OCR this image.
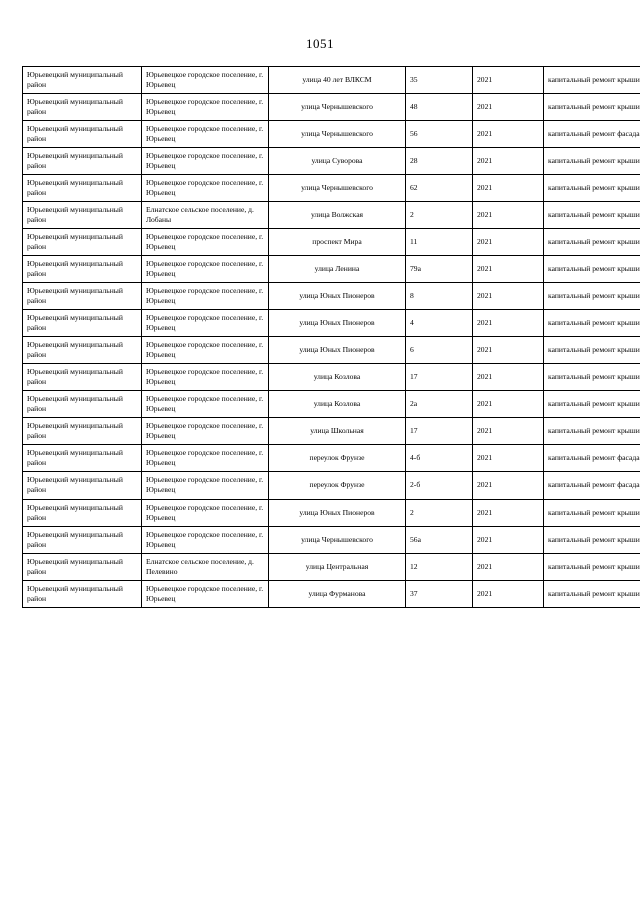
1051
Юрьевецкий муниципальный район	Юрьевецкое городское поселение, г. Юрьевец	улица 40 лет ВЛКСМ	35	2021	капитальный ремонт крыши
Юрьевецкий муниципальный район	Юрьевецкое городское поселение, г. Юрьевец	улица Чернышевского	48	2021	капитальный ремонт крыши
Юрьевецкий муниципальный район	Юрьевецкое городское поселение, г. Юрьевец	улица Чернышевского	56	2021	капитальный ремонт фасада
Юрьевецкий муниципальный район	Юрьевецкое городское поселение, г. Юрьевец	улица Суворова	28	2021	капитальный ремонт крыши
Юрьевецкий муниципальный район	Юрьевецкое городское поселение, г. Юрьевец	улица Чернышевского	62	2021	капитальный ремонт крыши
Юрьевецкий муниципальный район	Елнатское сельское поселение, д. Лобаны	улица Волжская	2	2021	капитальный ремонт крыши
Юрьевецкий муниципальный район	Юрьевецкое городское поселение, г. Юрьевец	проспект Мира	11	2021	капитальный ремонт крыши
Юрьевецкий муниципальный район	Юрьевецкое городское поселение, г. Юрьевец	улица Ленина	79а	2021	капитальный ремонт крыши
Юрьевецкий муниципальный район	Юрьевецкое городское поселение, г. Юрьевец	улица Юных Пионеров	8	2021	капитальный ремонт крыши
Юрьевецкий муниципальный район	Юрьевецкое городское поселение, г. Юрьевец	улица Юных Пионеров	4	2021	капитальный ремонт крыши
Юрьевецкий муниципальный район	Юрьевецкое городское поселение, г. Юрьевец	улица Юных Пионеров	6	2021	капитальный ремонт крыши
Юрьевецкий муниципальный район	Юрьевецкое городское поселение, г. Юрьевец	улица Козлова	17	2021	капитальный ремонт крыши
Юрьевецкий муниципальный район	Юрьевецкое городское поселение, г. Юрьевец	улица Козлова	2а	2021	капитальный ремонт крыши
Юрьевецкий муниципальный район	Юрьевецкое городское поселение, г. Юрьевец	улица Школьная	17	2021	капитальный ремонт крыши
Юрьевецкий муниципальный район	Юрьевецкое городское поселение, г. Юрьевец	переулок Фрунзе	4-б	2021	капитальный ремонт фасада
Юрьевецкий муниципальный район	Юрьевецкое городское поселение, г. Юрьевец	переулок Фрунзе	2-б	2021	капитальный ремонт фасада
Юрьевецкий муниципальный район	Юрьевецкое городское поселение, г. Юрьевец	улица Юных Пионеров	2	2021	капитальный ремонт крыши
Юрьевецкий муниципальный район	Юрьевецкое городское поселение, г. Юрьевец	улица Чернышевского	56а	2021	капитальный ремонт крыши
Юрьевецкий муниципальный район	Елнатское сельское поселение, д. Пелевино	улица Центральная	12	2021	капитальный ремонт крыши
Юрьевецкий муниципальный район	Юрьевецкое городское поселение, г. Юрьевец	улица Фурманова	37	2021	капитальный ремонт крыши
